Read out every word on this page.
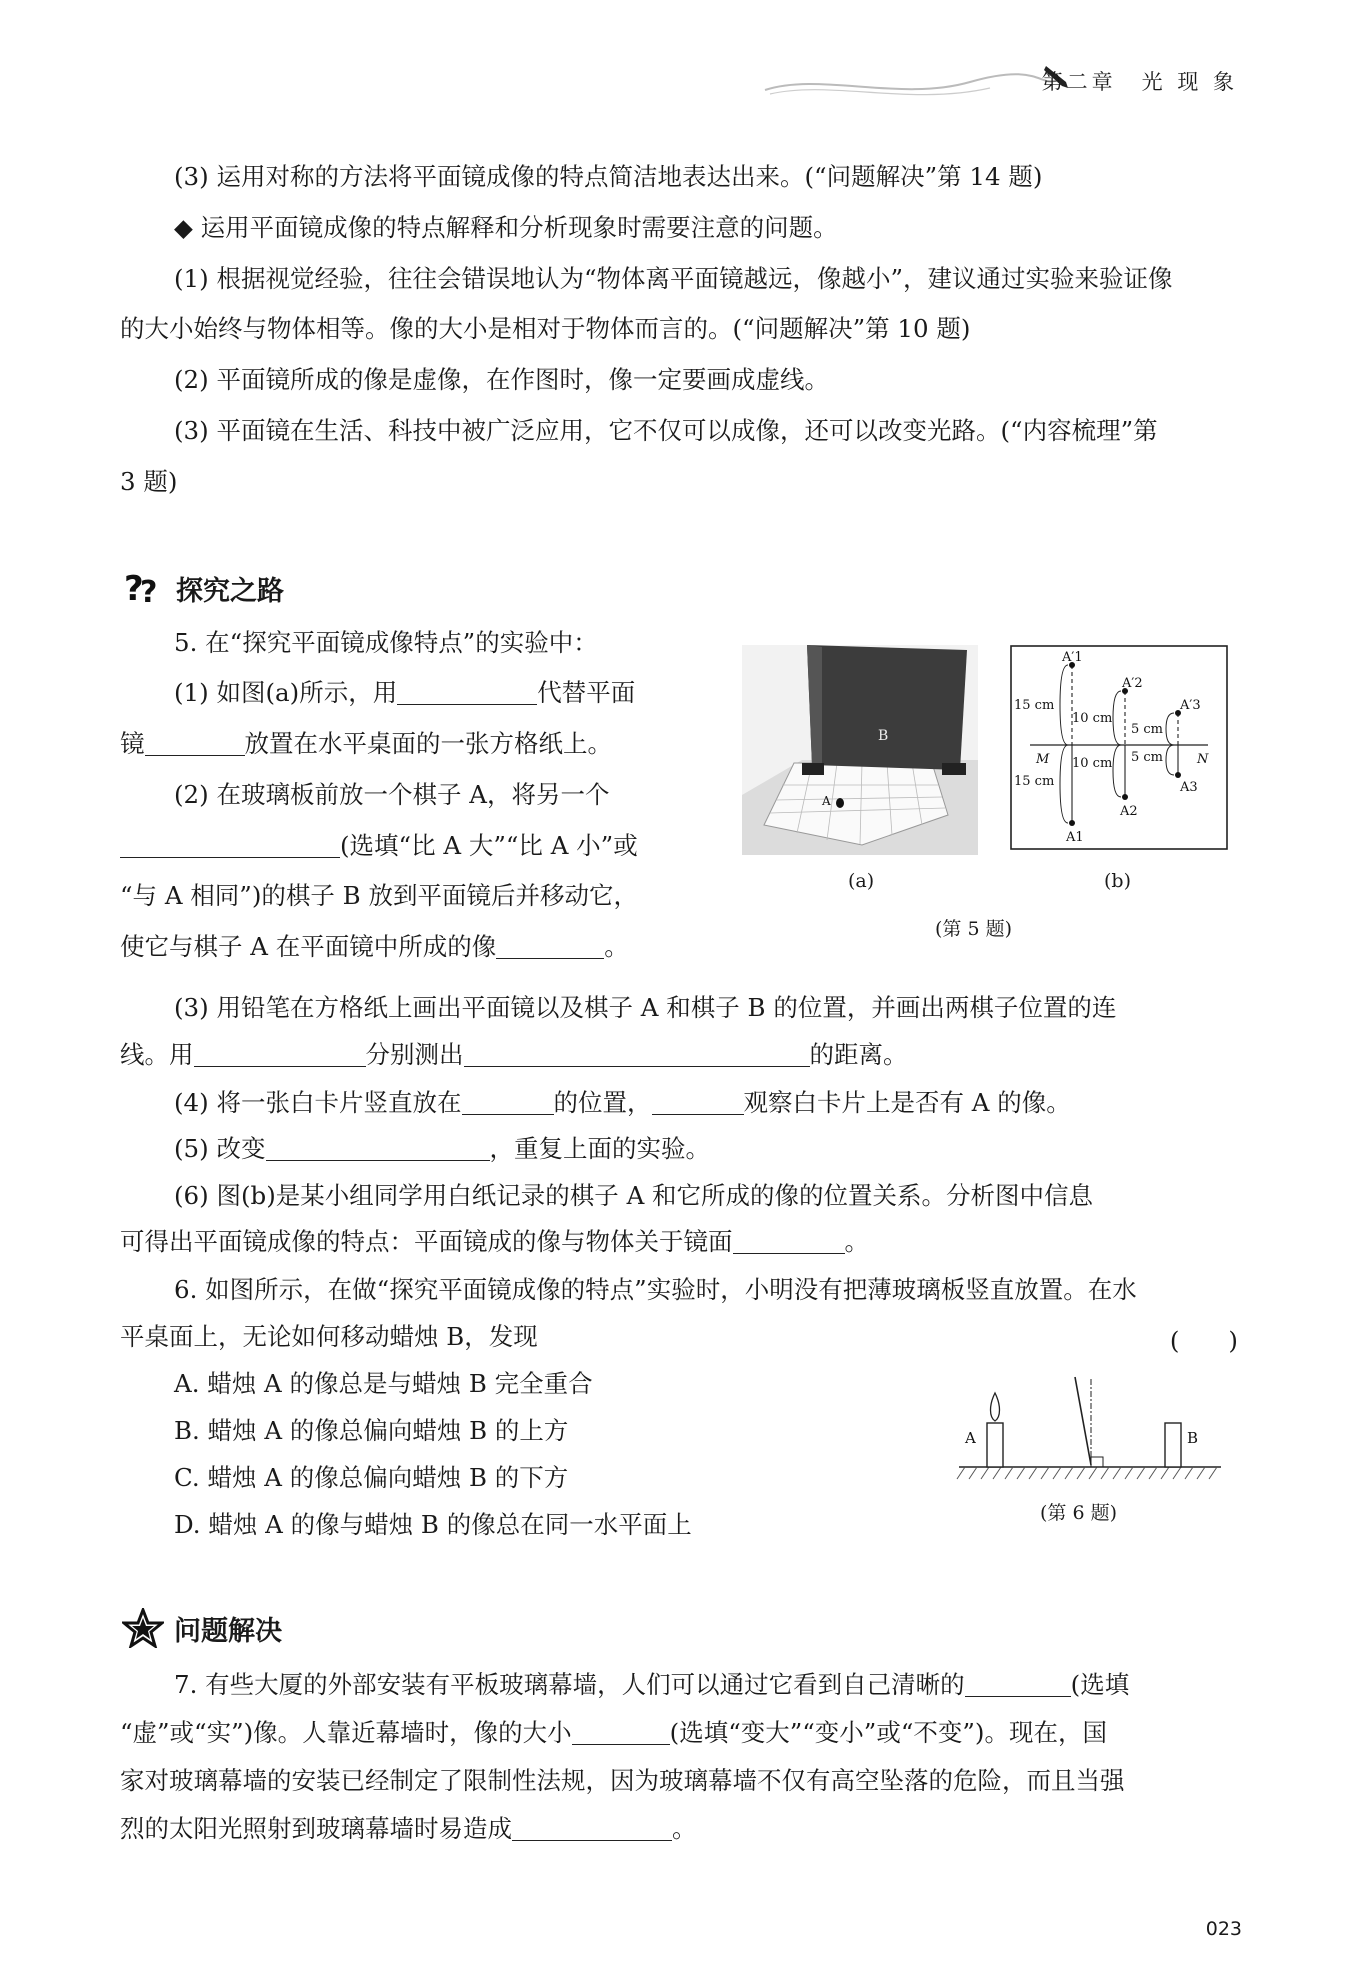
第二章　光 现 象
(3) 运用对称的方法将平面镜成像的特点简洁地表达出来。(“问题解决”第 14 题)
◆ 运用平面镜成像的特点解释和分析现象时需要注意的问题。
(1) 根据视觉经验，往往会错误地认为“物体离平面镜越远，像越小”，建议通过实验来验证像
的大小始终与物体相等。像的大小是相对于物体而言的。(“问题解决”第 10 题)
(2) 平面镜所成的像是虚像，在作图时，像一定要画成虚线。
(3) 平面镜在生活、科技中被广泛应用，它不仅可以成像，还可以改变光路。(“内容梳理”第
3 题)
?
? 探究之路
5. 在“探究平面镜成像特点”的实验中：
(1) 如图(a)所示，用	代替平面
镜	放置在水平桌面的一张方格纸上。
(2) 在玻璃板前放一个棋子 A，将另一个
(选填“比 A 大”“比 A 小”或
“与 A 相同”)的棋子 B 放到平面镜后并移动它，
使它与棋子 A 在平面镜中所成的像	。
B
A
A′1
A′2
A′3
A1
A2
A3
M	N
15 cm
15 cm
10 cm
10 cm
5 cm
5 cm
(a)	(b)
(第 5 题)
(3) 用铅笔在方格纸上画出平面镜以及棋子 A 和棋子 B 的位置，并画出两棋子位置的连
线。用	分别测出	的距离。
(4) 将一张白卡片竖直放在	的位置，	观察白卡片上是否有 A 的像。
(5) 改变	，重复上面的实验。
(6) 图(b)是某小组同学用白纸记录的棋子 A 和它所成的像的位置关系。分析图中信息
可得出平面镜成像的特点：平面镜成的像与物体关于镜面	。
6. 如图所示，在做“探究平面镜成像的特点”实验时，小明没有把薄玻璃板竖直放置。在水
平桌面上，无论如何移动蜡烛 B，发现	(　　)
A. 蜡烛 A 的像总是与蜡烛 B 完全重合
B. 蜡烛 A 的像总偏向蜡烛 B 的上方
C. 蜡烛 A 的像总偏向蜡烛 B 的下方
D. 蜡烛 A 的像与蜡烛 B 的像总在同一水平面上
A	B
(第 6 题)
问题解决
7. 有些大厦的外部安装有平板玻璃幕墙，人们可以通过它看到自己清晰的	(选填
“虚”或“实”)像。人靠近幕墙时，像的大小	(选填“变大”“变小”或“不变”)。现在，国
家对玻璃幕墙的安装已经制定了限制性法规，因为玻璃幕墙不仅有高空坠落的危险，而且当强
烈的太阳光照射到玻璃幕墙时易造成	。
023
